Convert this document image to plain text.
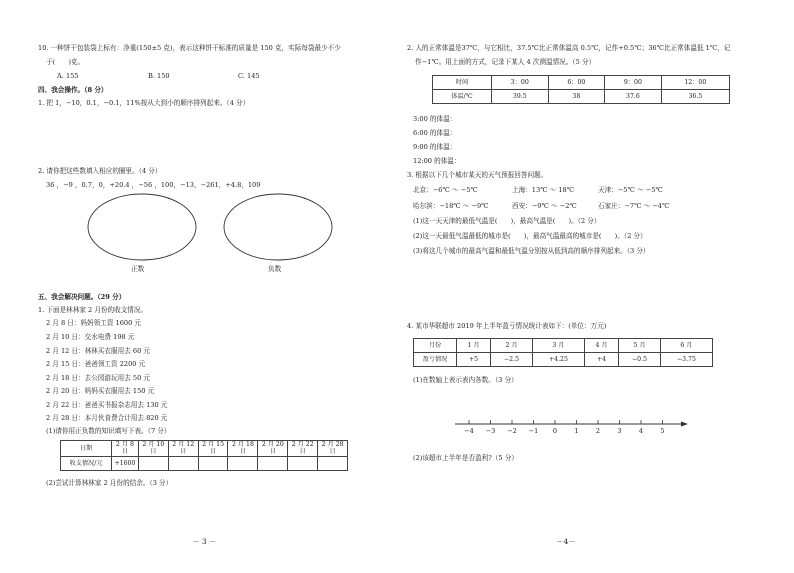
10. 一种饼干包装袋上标有：净重(150±5 克)，表示这种饼干标准的质量是 150 克，实际每袋最少不少
于(　　)克。
A. 155	B. 150	C. 145
四、我会操作。（8 分）
1. 把 1，−10，0.1，−0.1，11%按从大到小的顺序排列起来。（4 分）
2. 请你把这些数填入相应的圈里。（4 分）
36 ，−9 ，0.7，0，+20.4 ，−56 ，100，−13，−261，+4.8，109
正数	负数
五、我会解决问题。（29 分）
1. 下面是林林家 2 月份的收支情况。
2 月 8 日：妈妈领工资 1600 元
2 月 10 日：交水电费 198 元
2 月 12 日：林林买衣服用去 60 元
2 月 15 日：爸爸领工资 2200 元
2 月 18 日：去公园游玩用去 50 元
2 月 20 日：妈妈买衣服用去 150 元
2 月 22 日：爸爸买书报杂志用去 130 元
2 月 28 日：本月伙食费合计用去 820 元
(1)请你用正负数的知识填写下表。（7 分）
日期	2 月 8 日	2 月 10 日	2 月 12 日	2 月 15 日	2 月 18 日	2 月 20 日	2 月 22 日	2 月 28 日
收支情况/元	+1600							
(2)尝试计算林林家 2 月份的结余。（3 分）
－ 3 －
2. 人的正常体温是37℃，与它相比，37.5℃比正常体温高 0.5℃，记作+0.5℃；36℃比正常体温低 1℃，记
作−1℃。用上面的方式，记录下某人 4 次测温情况。（5 分）
时间	3：00	6：00	9：00	12：00
体温/℃	39.5	38	37.6	36.5
3:00 的体温：
6:00 的体温：
9:00 的体温：
12:00 的体温：
3. 根据以下几个城市某天的天气预报回答问题。
北京：−6℃ ～ −5℃	上海：13℃ ～ 18℃	天津：−5℃ ～ −5℃
哈尔滨：−18℃ ～ −9℃	西安：−9℃ ～ −2℃	石家庄：−7℃ ～ −4℃
(1)这一天天津的最低气温是(　　)，最高气温是(　　)。（2 分）
(2)这一天最低气温最低的城市是(　　)，最高气温最高的城市是(　　)。（2 分）
(3)将这几个城市的最高气温和最低气温分别按从低到高的顺序排列起来。（3 分）
4. 某市华联超市 2019 年上半年盈亏情况统计表如下：(单位：万元)
月份	1 月	2 月	3 月	4 月	5 月	6 月
盈亏情况	+5	−2.5	+4.25	+4	−0.5	−3.75
(1)在数轴上表示表内各数。（3 分）
−4 −3 −2 −1 0	1	2	3	4	5
(2)该超市上半年是否盈利?（5 分）
－4－
